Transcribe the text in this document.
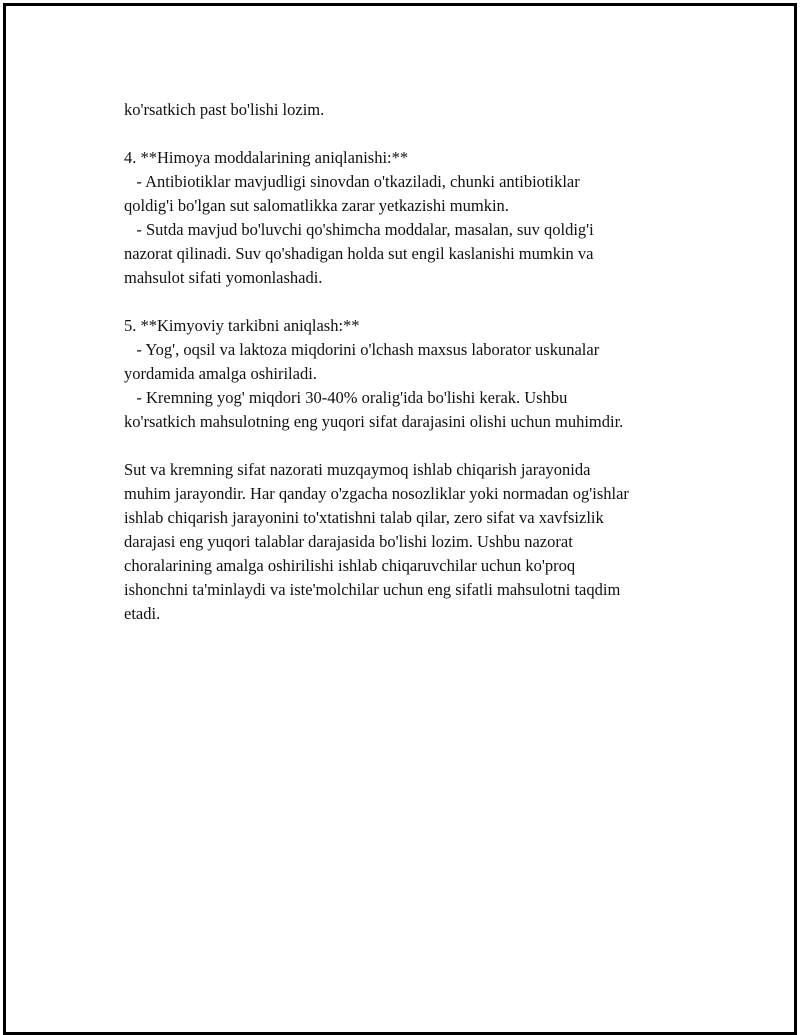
ko'rsatkich past bo'lishi lozim.
4. **Himoya moddalarining aniqlanishi:**
- Antibiotiklar mavjudligi sinovdan o'tkaziladi, chunki antibiotiklar
qoldig'i bo'lgan sut salomatlikka zarar yetkazishi mumkin.
- Sutda mavjud bo'luvchi qo'shimcha moddalar, masalan, suv qoldig'i
nazorat qilinadi. Suv qo'shadigan holda sut engil kaslanishi mumkin va
mahsulot sifati yomonlashadi.
5. **Kimyoviy tarkibni aniqlash:**
- Yog', oqsil va laktoza miqdorini o'lchash maxsus laborator uskunalar
yordamida amalga oshiriladi.
- Kremning yog' miqdori 30-40% oralig'ida bo'lishi kerak. Ushbu
ko'rsatkich mahsulotning eng yuqori sifat darajasini olishi uchun muhimdir.
Sut va kremning sifat nazorati muzqaymoq ishlab chiqarish jarayonida
muhim jarayondir. Har qanday o'zgacha nosozliklar yoki normadan og'ishlar
ishlab chiqarish jarayonini to'xtatishni talab qilar, zero sifat va xavfsizlik
darajasi eng yuqori talablar darajasida bo'lishi lozim. Ushbu nazorat
choralarining amalga oshirilishi ishlab chiqaruvchilar uchun ko'proq
ishonchni ta'minlaydi va iste'molchilar uchun eng sifatli mahsulotni taqdim
etadi.
